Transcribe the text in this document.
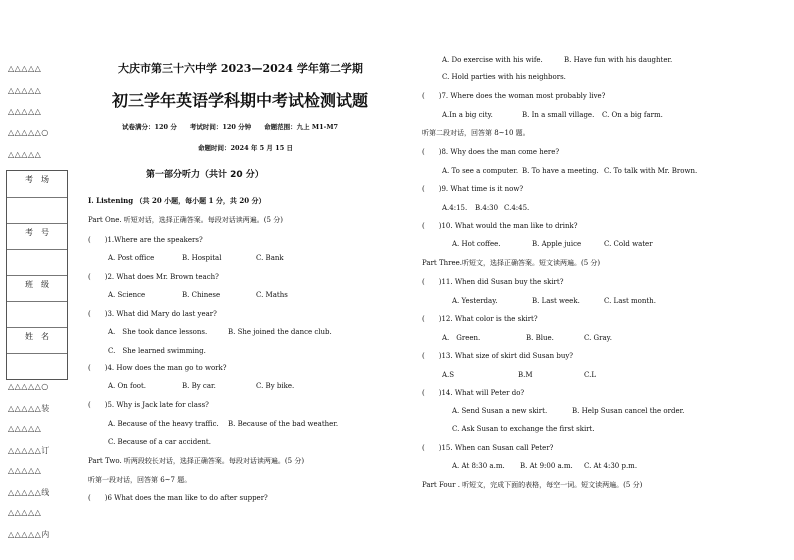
△△△△△
△△△△△
△△△△△
△△△△△○
△△△△△
考　场
考　号
班　级
姓　名
△△△△△○
△△△△△装
△△△△△
△△△△△订
△△△△△
△△△△△线
△△△△△
△△△△△内
大庆市第三十六中学 2023—2024 学年第二学期
初三学年英语学科期中考试检测试题
试卷满分：120 分　　考试时间：120 分钟　　命题范围：九上 M1-M7
命题时间：2024 年 5 月 15 日
第一部分听力（共计 20 分）
I. Listening （共 20 小题，每小题 1 分，共 20 分）
Part One. 听短对话，选择正确答案。每段对话读两遍。(5 分)
(　　)1.Where are the speakers?
A. Post office	B. Hospital	C. Bank
(　　)2. What does Mr. Brown teach?
A. Science	B. Chinese	C. Maths
(　　)3. What did Mary do last year?
A.　She took dance lessons.	B. She joined the dance club.
C.　She learned swimming.
(　　)4. How does the man go to work?
A. On foot.	B. By car.	C. By bike.
(　　)5. Why is Jack late for class?
A. Because of the heavy traffic. B. Because of the bad weather.
C. Because of a car accident.
Part Two. 听两段较长对话，选择正确答案。每段对话读两遍。(5 分)
听第一段对话，回答第 6~7 题。
(　　)6 What does the man like to do after supper?
A. Do exercise with his wife.	B. Have fun with his daughter.
C. Hold parties with his neighbors.
(　　)7. Where does the woman most probably live?
A.In a big city.	B. In a small village. C. On a big farm.
听第二段对话，回答第 8~10 题。
(　　)8. Why does the man come here?
A. To see a computer. B. To have a meeting. C. To talk with Mr. Brown.
(　　)9. What time is it now?
A.4:15. B.4:30 C.4:45.
(　　)10. What would the man like to drink?
A. Hot coffee.	B. Apple juice	C. Cold water
Part Three.听短文，选择正确答案。短文读两遍。(5 分)
(　　)11. When did Susan buy the skirt?
A. Yesterday.	B. Last week.	C. Last month.
(　　)12. What color is the skirt?
A.　Green.	B. Blue.	C. Gray.
(　　)13. What size of skirt did Susan buy?
A.S	B.M	C.L
(　　)14. What will Peter do?
A. Send Susan a new skirt.	B. Help Susan cancel the order.
C. Ask Susan to exchange the first skirt.
(　　)15. When can Susan call Peter?
A. At 8:30 a.m. B. At 9:00 a.m. C. At 4:30 p.m.
Part Four . 听短文，完成下面的表格，每空一词。短文读两遍。(5 分)
